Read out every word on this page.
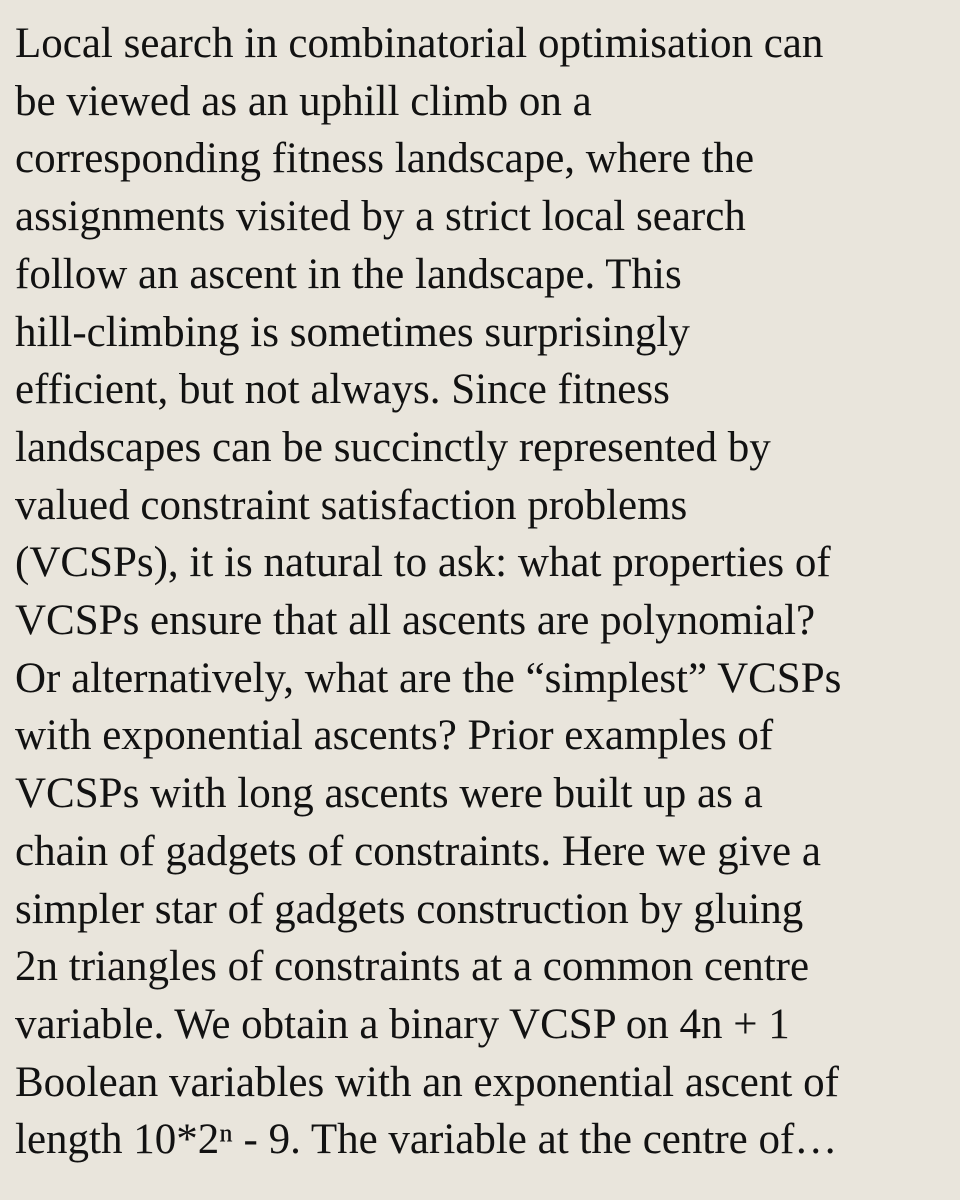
Local search in combinatorial optimisation can
be viewed as an uphill climb on a
corresponding fitness landscape, where the
assignments visited by a strict local search
follow an ascent in the landscape. This
hill-climbing is sometimes surprisingly
efficient, but not always. Since fitness
landscapes can be succinctly represented by
valued constraint satisfaction problems
(VCSPs), it is natural to ask: what properties of
VCSPs ensure that all ascents are polynomial?
Or alternatively, what are the “simplest” VCSPs
with exponential ascents? Prior examples of
VCSPs with long ascents were built up as a
chain of gadgets of constraints. Here we give a
simpler star of gadgets construction by gluing
2n triangles of constraints at a common centre
variable. We obtain a binary VCSP on 4n + 1
Boolean variables with an exponential ascent of
length 10*2ⁿ - 9. The variable at the centre of…
